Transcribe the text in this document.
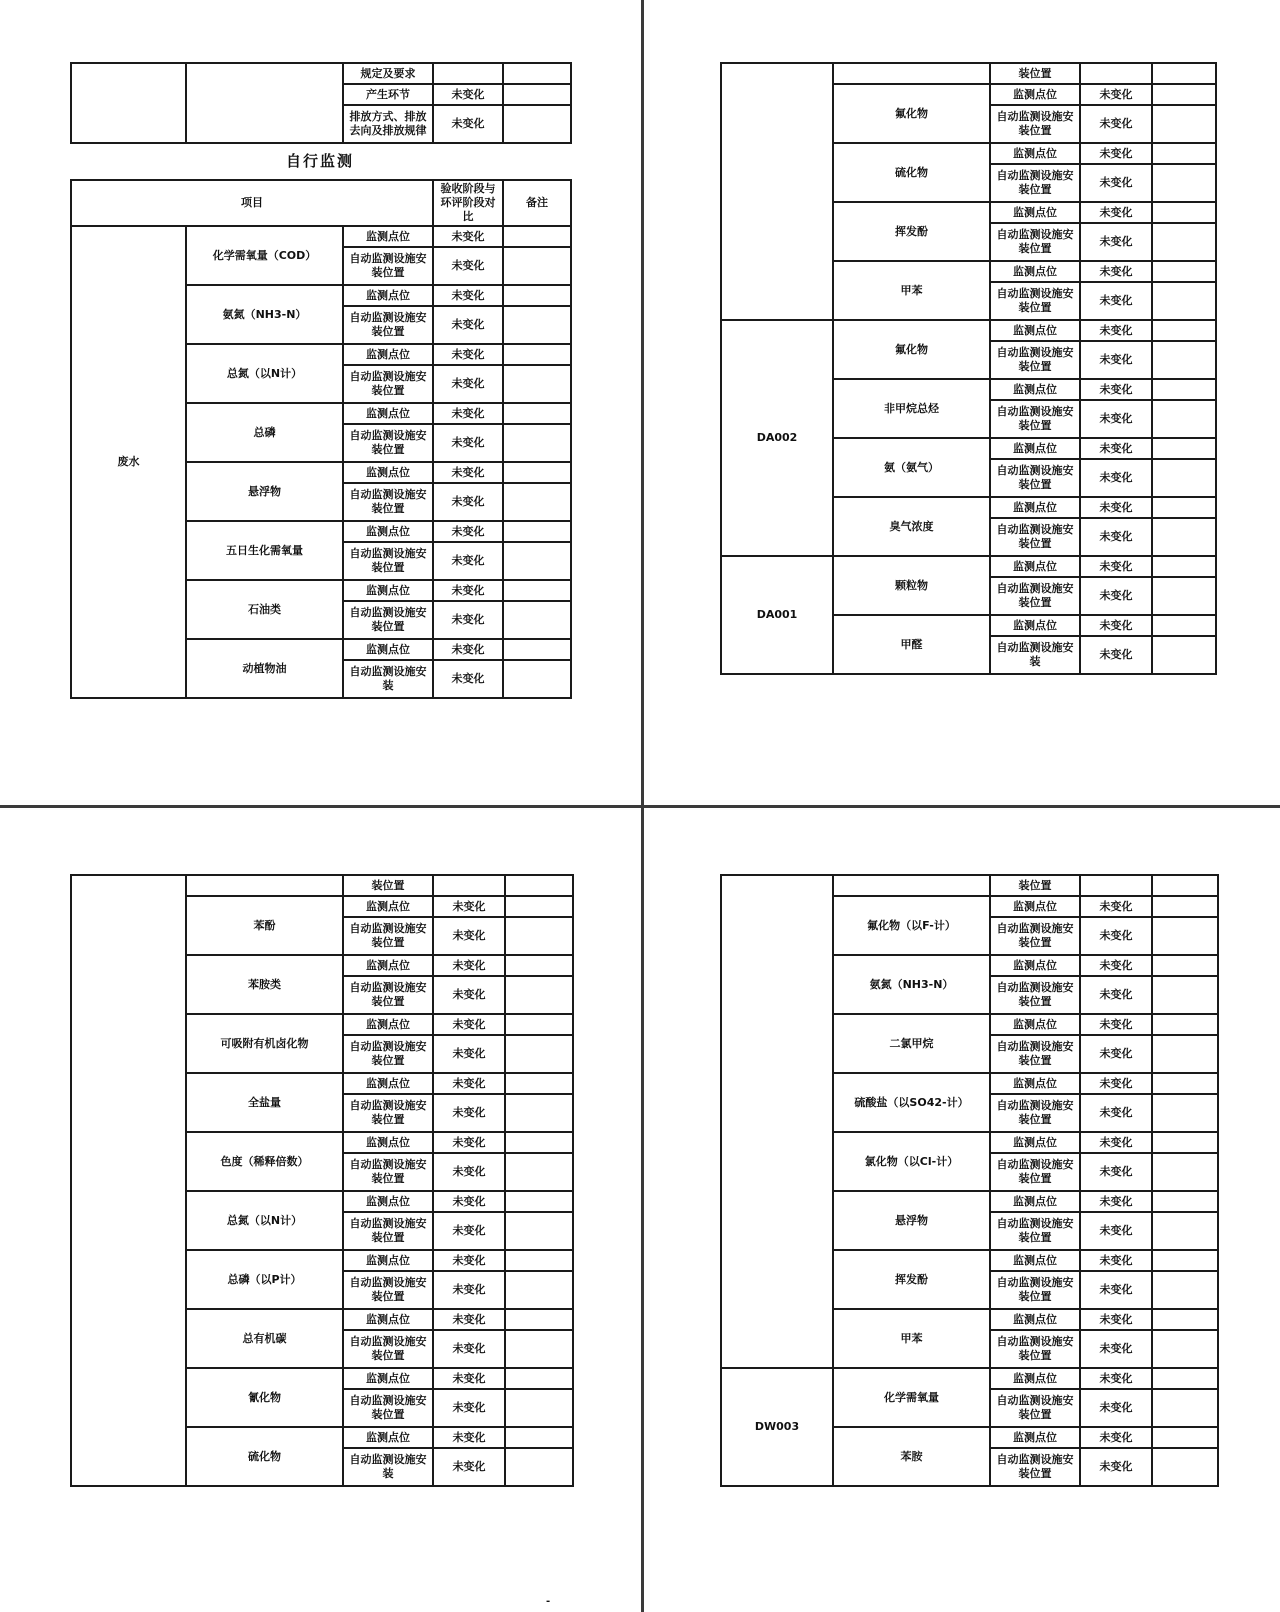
		规定及要求		
		产生环节	未变化	
		排放方式、排放去向及排放规律	未变化	
自行监测
项目			验收阶段与环评阶段对比	备注
废水	化学需氧量（COD）	监测点位	未变化	
		自动监测设施安装位置	未变化	
	氨氮（NH3-N）	监测点位	未变化	
		自动监测设施安装位置	未变化	
	总氮（以N计）	监测点位	未变化	
		自动监测设施安装位置	未变化	
	总磷	监测点位	未变化	
		自动监测设施安装位置	未变化	
	悬浮物	监测点位	未变化	
		自动监测设施安装位置	未变化	
	五日生化需氧量	监测点位	未变化	
		自动监测设施安装位置	未变化	
	石油类	监测点位	未变化	
		自动监测设施安装位置	未变化	
	动植物油	监测点位	未变化	
		自动监测设施安装	未变化	
		装位置		
	氟化物	监测点位	未变化	
		自动监测设施安装位置	未变化	
	硫化物	监测点位	未变化	
		自动监测设施安装位置	未变化	
	挥发酚	监测点位	未变化	
		自动监测设施安装位置	未变化	
	甲苯	监测点位	未变化	
		自动监测设施安装位置	未变化	
DA002	氟化物	监测点位	未变化	
		自动监测设施安装位置	未变化	
	非甲烷总烃	监测点位	未变化	
		自动监测设施安装位置	未变化	
	氨（氨气）	监测点位	未变化	
		自动监测设施安装位置	未变化	
	臭气浓度	监测点位	未变化	
		自动监测设施安装位置	未变化	
DA001	颗粒物	监测点位	未变化	
		自动监测设施安装位置	未变化	
	甲醛	监测点位	未变化	
		自动监测设施安装	未变化	
		装位置		
	苯酚	监测点位	未变化	
		自动监测设施安装位置	未变化	
	苯胺类	监测点位	未变化	
		自动监测设施安装位置	未变化	
	可吸附有机卤化物	监测点位	未变化	
		自动监测设施安装位置	未变化	
	全盐量	监测点位	未变化	
		自动监测设施安装位置	未变化	
	色度（稀释倍数）	监测点位	未变化	
		自动监测设施安装位置	未变化	
	总氮（以N计）	监测点位	未变化	
		自动监测设施安装位置	未变化	
	总磷（以P计）	监测点位	未变化	
		自动监测设施安装位置	未变化	
	总有机碳	监测点位	未变化	
		自动监测设施安装位置	未变化	
	氰化物	监测点位	未变化	
		自动监测设施安装位置	未变化	
	硫化物	监测点位	未变化	
		自动监测设施安装	未变化	
		装位置		
	氟化物（以F-计）	监测点位	未变化	
		自动监测设施安装位置	未变化	
	氨氮（NH3-N）	监测点位	未变化	
		自动监测设施安装位置	未变化	
	二氯甲烷	监测点位	未变化	
		自动监测设施安装位置	未变化	
	硫酸盐（以SO42-计）	监测点位	未变化	
		自动监测设施安装位置	未变化	
	氯化物（以Cl-计）	监测点位	未变化	
		自动监测设施安装位置	未变化	
	悬浮物	监测点位	未变化	
		自动监测设施安装位置	未变化	
	挥发酚	监测点位	未变化	
		自动监测设施安装位置	未变化	
	甲苯	监测点位	未变化	
		自动监测设施安装位置	未变化	
DW003	化学需氧量	监测点位	未变化	
		自动监测设施安装位置	未变化	
	苯胺	监测点位	未变化	
		自动监测设施安装位置	未变化	
-
